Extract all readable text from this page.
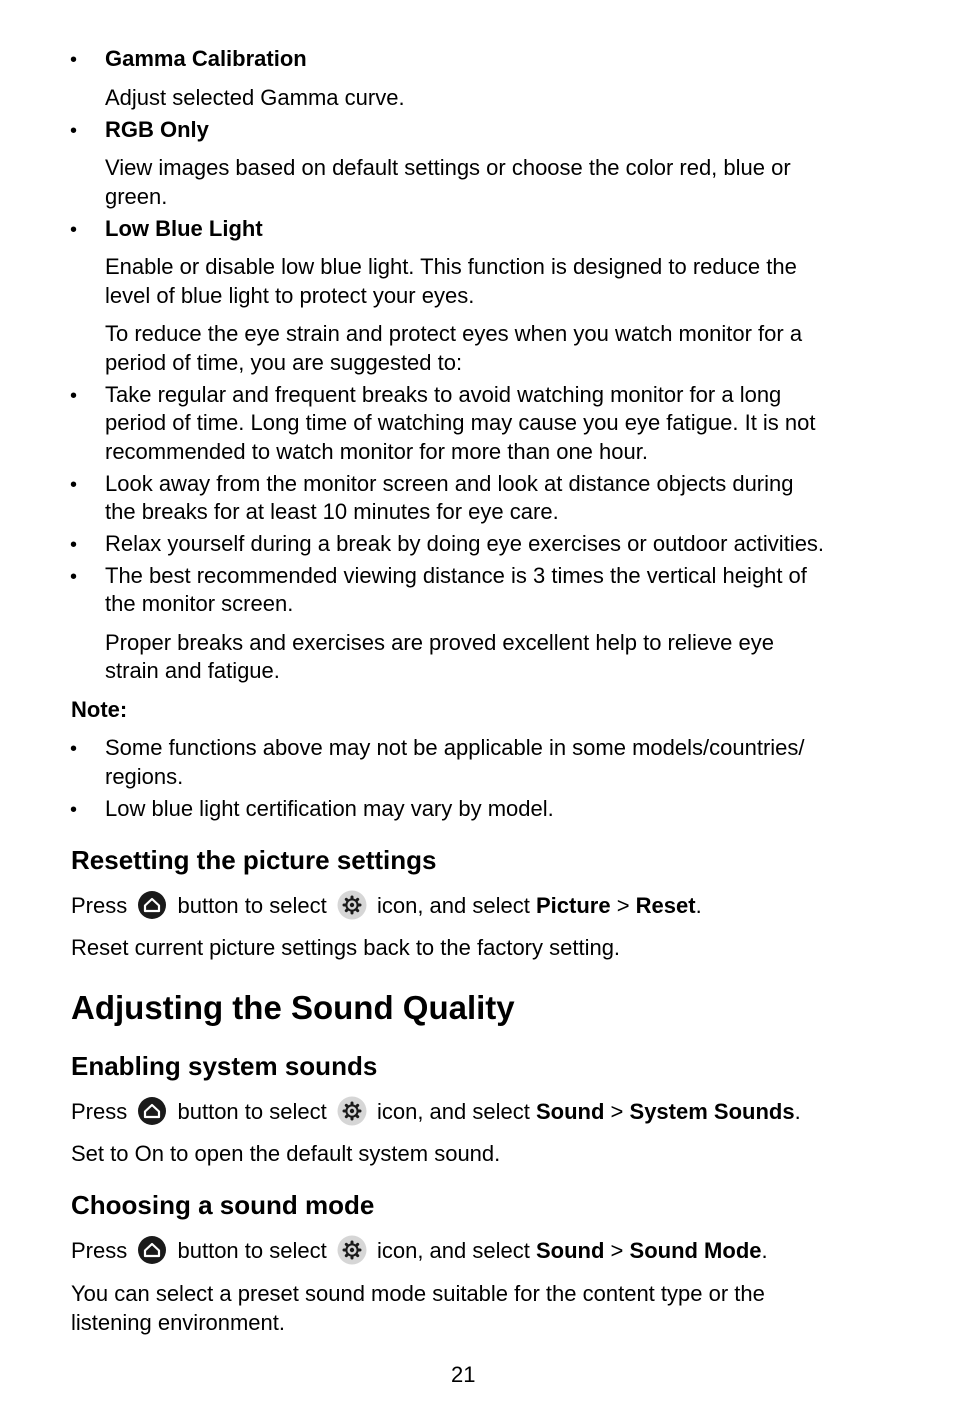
• Gamma Calibration
Adjust selected Gamma curve.
• RGB Only
View images based on default settings or choose the color red, blue or
green.
• Low Blue Light
Enable or disable low blue light. This function is designed to reduce the
level of blue light to protect your eyes.
To reduce the eye strain and protect eyes when you watch monitor for a
period of time, you are suggested to:
• Take regular and frequent breaks to avoid watching monitor for a long
period of time. Long time of watching may cause you eye fatigue. It is not
recommended to watch monitor for more than one hour.
• Look away from the monitor screen and look at distance objects during
the breaks for at least 10 minutes for eye care.
• Relax yourself during a break by doing eye exercises or outdoor activities.
• The best recommended viewing distance is 3 times the vertical height of
the monitor screen.
Proper breaks and exercises are proved excellent help to relieve eye
strain and fatigue.
Note:
• Some functions above may not be applicable in some models/countries/
regions.
• Low blue light certification may vary by model.
Resetting the picture settings
Press button to select icon, and select Picture > Reset.
Reset current picture settings back to the factory setting.
Adjusting the Sound Quality
Enabling system sounds
Press button to select icon, and select Sound > System Sounds.
Set to On to open the default system sound.
Choosing a sound mode
Press button to select icon, and select Sound > Sound Mode.
You can select a preset sound mode suitable for the content type or the
listening environment.
21
